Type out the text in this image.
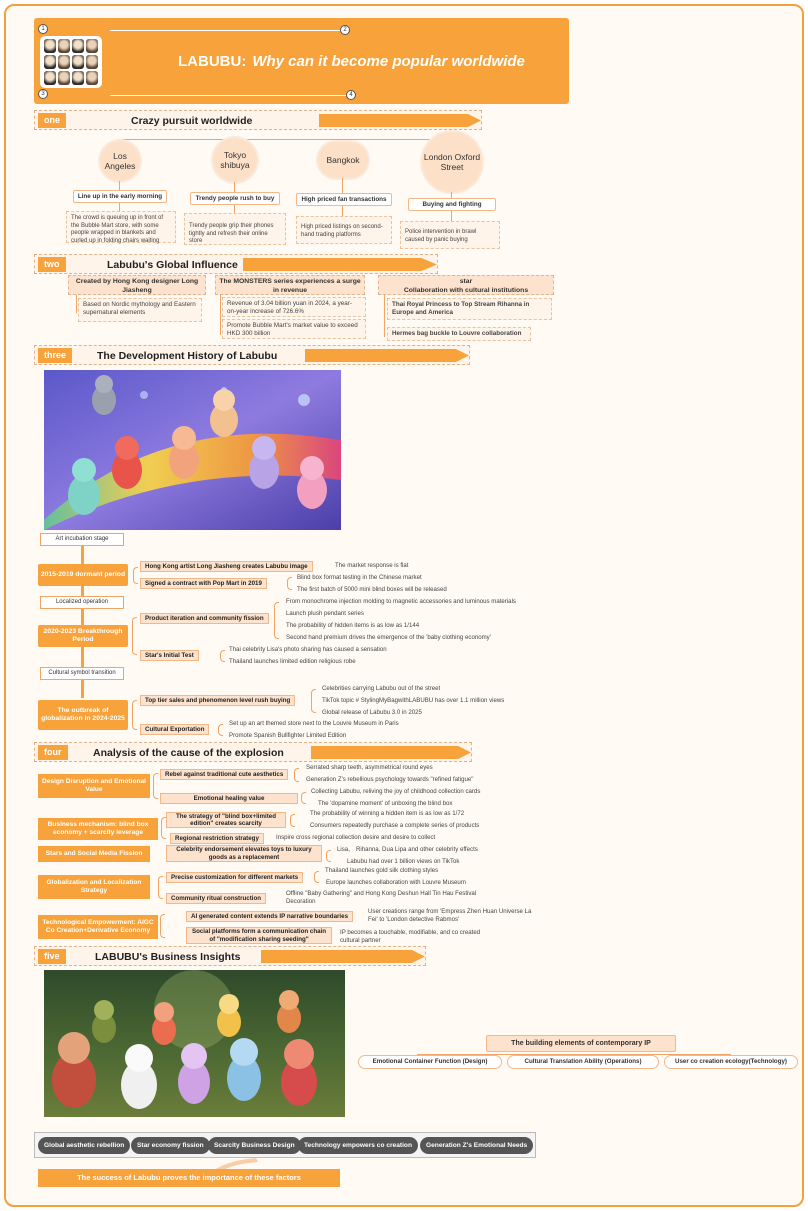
1	2
3	4
LABUBU: Why can it become popular worldwide
one	Crazy pursuit worldwide
Los Angeles
Line up in the early morning
The crowd is queuing up in front of the Bubble Mart store, with some people wrapped in blankets and curled up in folding chairs waiting
Tokyo shibuya
Trendy people rush to buy
Trendy people grip their phones tightly and refresh their online store
Bangkok
High priced fan transactions
High priced listings on second-hand trading platforms
London Oxford Street
Buying and fighting
Police intervention in brawl caused by panic buying
two	Labubu's Global Influence
Created by Hong Kong designer Long Jiasheng
Based on Nordic mythology and Eastern supernatural elements
The MONSTERS series experiences a surge in revenue
Revenue of 3.04 billion yuan in 2024, a year-on-year increase of 726.6%
Promote Bubble Mart's market value to exceed HKD 300 billion
star
Collaboration with cultural institutions
Thai Royal Princess to Top Stream Rihanna in Europe and America
Hermes bag buckle to Louvre collaboration
three	The Development History of Labubu
Art incubation stage
2015-2019 dormant period
Hong Kong artist Long Jiasheng creates Labubu image	The market response is flat
Signed a contract with Pop Mart in 2019
Blind box format testing in the Chinese market
The first batch of 5000 mini blind boxes will be released
Localized operation
2020-2023 Breakthrough Period
Product iteration and community fission
From monochrome injection molding to magnetic accessories and luminous materials
Launch plush pendant series
The probability of hidden items is as low as 1/144
Second hand premium drives the emergence of the 'baby clothing economy'
Star's Initial Test
Thai celebrity Lisa's photo sharing has caused a sensation
Thailand launches limited edition religious robe
Cultural symbol transition
The outbreak of globalization in 2024-2025
Top tier sales and phenomenon level rush buying
Celebrities carrying Labubu out of the street
TikTok topic # StylingMyBagwithLABUBU has over 1.1 million views
Global release of Labubu 3.0 in 2025
Cultural Exportation
Set up an art themed store next to the Louvre Museum in Paris
Promote Spanish Bullfighter Limited Edition
four	Analysis of the cause of the explosion
Design Disruption and Emotional Value
Rebel against traditional cute aesthetics
Serrated sharp teeth, asymmetrical round eyes
Generation Z's rebellious psychology towards "refined fatigue"
Emotional healing value
Collecting Labubu, reliving the joy of childhood collection cards
The 'dopamine moment' of unboxing the blind box
Business mechanism: blind box economy + scarcity leverage
The strategy of "blind box+limited edition" creates scarcity
The probability of winning a hidden item is as low as 1/72
Consumers repeatedly purchase a complete series of products
Regional restriction strategy	Inspire cross regional collection desire and desire to collect
Stars and Social Media Fission
Celebrity endorsement elevates toys to luxury goods as a replacement
Lisa、 Rihanna, Dua Lipa and other celebrity effects
Labubu had over 1 billion views on TikTok
Globalization and Localization Strategy
Precise customization for different markets
Thailand launches gold silk clothing styles
Europe launches collaboration with Louvre Museum
Community ritual construction
Offline "Baby Gathering" and Hong Kong Deshun Hall Tin Hau Festival Decoration
Technological Empowerment: AIGC Co Creation+Derivative Economy
AI generated content extends IP narrative boundaries
User creations range from 'Empress Zhen Huan Universe La Fei' to 'London detective Rabmos'
Social platforms form a communication chain of "modification sharing seeding"
IP becomes a touchable, modifiable, and co created cultural partner
five	LABUBU's Business Insights
The building elements of contemporary IP
Emotional Container Function (Design)	Cultural Translation Ability (Operations)	User co creation ecology(Technology)
Global aesthetic rebellion	Star economy fission	Scarcity Business Design	Technology empowers co creation	Generation Z's Emotional Needs
The success of Labubu proves the importance of these factors
